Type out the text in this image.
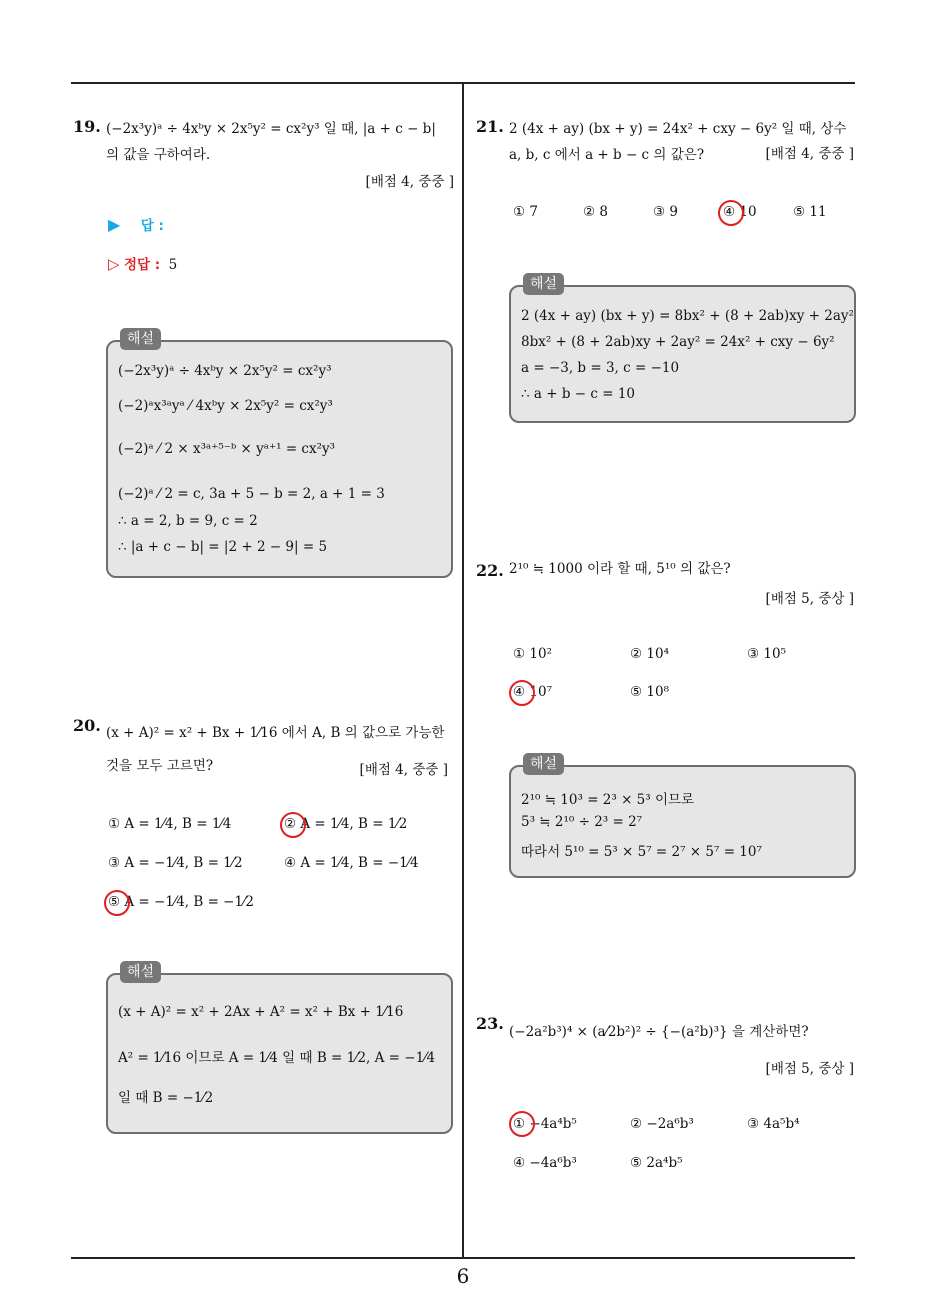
19. (−2x³y)ᵃ ÷ 4xᵇy × 2x⁵y² = cx²y³ 일 때, |a + c − b|
의 값을 구하여라.
[배점 4, 중중 ]
▶ 답 :
▷ 정답 : 5
해설
(−2x³y)ᵃ ÷ 4xᵇy × 2x⁵y² = cx²y³
(−2)ᵃx³ᵃyᵃ ⁄ 4xᵇy × 2x⁵y² = cx²y³
(−2)ᵃ ⁄ 2 × x³ᵃ⁺⁵⁻ᵇ × yᵃ⁺¹ = cx²y³
(−2)ᵃ ⁄ 2 = c, 3a + 5 − b = 2, a + 1 = 3
∴ a = 2, b = 9, c = 2
∴ |a + c − b| = |2 + 2 − 9| = 5
20. (x + A)² = x² + Bx + 1⁄16 에서 A, B 의 값으로 가능한
것을 모두 고르면?	[배점 4, 중중 ]
① A = 1⁄4, B = 1⁄4	② A = 1⁄4, B = 1⁄2
③ A = −1⁄4, B = 1⁄2	④ A = 1⁄4, B = −1⁄4
⑤ A = −1⁄4, B = −1⁄2
해설
(x + A)² = x² + 2Ax + A² = x² + Bx + 1⁄16
A² = 1⁄16 이므로 A = 1⁄4 일 때 B = 1⁄2, A = −1⁄4
일 때 B = −1⁄2
21. 2 (4x + ay) (bx + y) = 24x² + cxy − 6y² 일 때, 상수
a, b, c 에서 a + b − c 의 값은?	[배점 4, 중중 ]
① 7	② 8	③ 9	④ 10	⑤ 11
해설
2 (4x + ay) (bx + y) = 8bx² + (8 + 2ab)xy + 2ay²
8bx² + (8 + 2ab)xy + 2ay² = 24x² + cxy − 6y²
a = −3, b = 3, c = −10
∴ a + b − c = 10
22. 2¹⁰ ≒ 1000 이라 할 때, 5¹⁰ 의 값은?
[배점 5, 중상 ]
① 10²	② 10⁴	③ 10⁵
④ 10⁷	⑤ 10⁸
해설
2¹⁰ ≒ 10³ = 2³ × 5³ 이므로
5³ ≒ 2¹⁰ ÷ 2³ = 2⁷
따라서 5¹⁰ = 5³ × 5⁷ = 2⁷ × 5⁷ = 10⁷
23. (−2a²b³)⁴ × (a⁄2b²)² ÷ {−(a²b)³} 을 계산하면?
[배점 5, 중상 ]
① −4a⁴b⁵	② −2a⁶b³	③ 4a⁵b⁴
④ −4a⁶b³	⑤ 2a⁴b⁵
6
